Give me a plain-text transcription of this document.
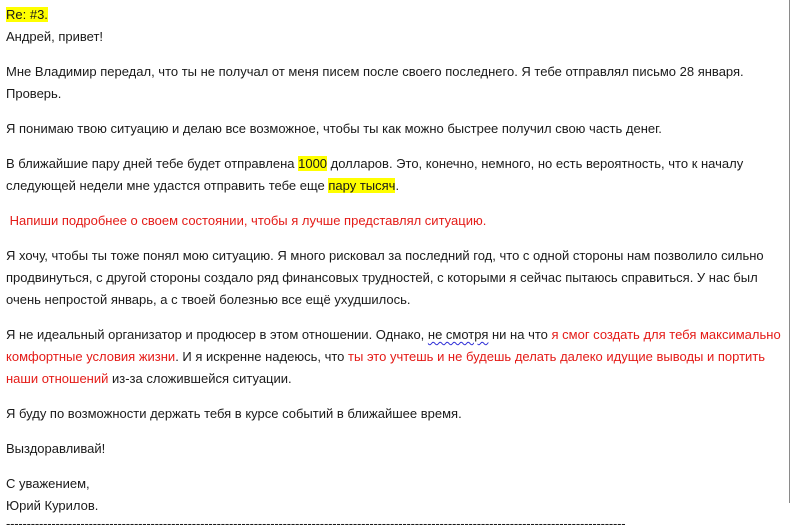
Re: #3.

Андрей, привет!

Мне Владимир передал, что ты не получал от меня писем после своего последнего. Я тебе отправлял письмо 28 января. Проверь.

Я понимаю твою ситуацию и делаю все возможное, чтобы ты как можно быстрее получил свою часть денег.

В ближайшие пару дней тебе будет отправлена 1000 долларов. Это, конечно, немного, но есть вероятность, что к началу следующей недели мне удастся отправить тебе еще пару тысяч.

Напиши подробнее о своем состоянии, чтобы я лучше представлял ситуацию.

Я хочу, чтобы ты тоже понял мою ситуацию. Я много рисковал за последний год, что с одной стороны нам позволило сильно продвинуться, с другой стороны создало ряд финансовых трудностей, с которыми я сейчас пытаюсь справиться. У нас был очень непростой январь, а с твоей болезнью все ещё ухудшилось.

Я не идеальный организатор и продюсер в этом отношении. Однако, не смотря ни на что я смог создать для тебя максимально комфортные условия жизни. И я искренне надеюсь, что ты это учтешь и не будешь делать далеко идущие выводы и портить наши отношений из-за сложившейся ситуации.

Я буду по возможности держать тебя в курсе событий в ближайшее время.

Выздоравливай!

С уважением,

Юрий Курилов.

------------------------------------------------------------------------------------------------------------------------------------------------------
